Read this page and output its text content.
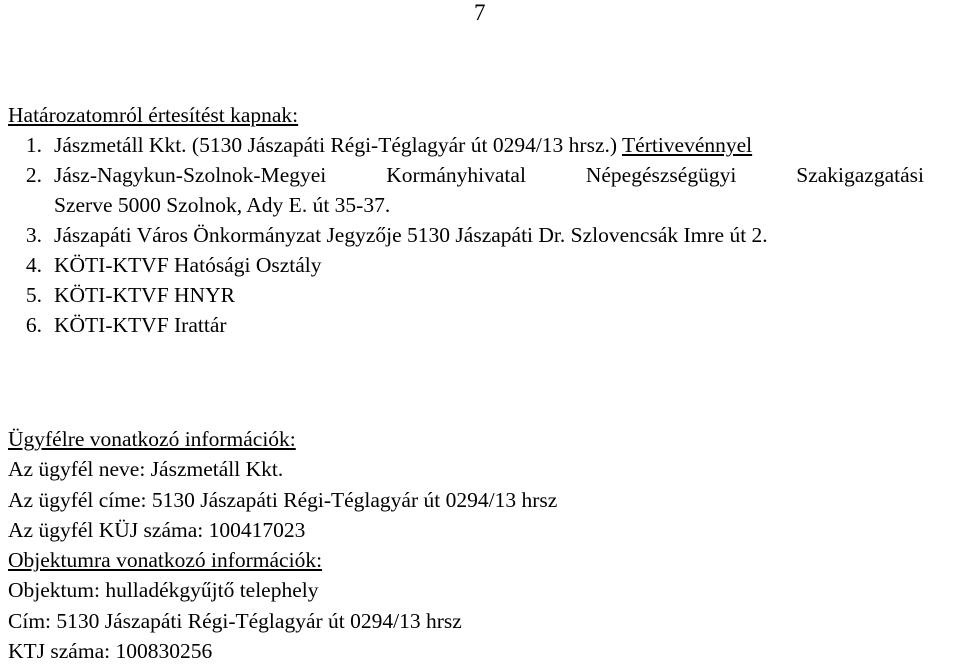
7
Határozatomról értesítést kapnak:
1. Jászmetáll Kkt. (5130 Jászapáti Régi-Téglagyár út 0294/13 hrsz.) Tértivevénnyel
2. Jász-Nagykun-Szolnok-Megyei Kormányhivatal Népegészségügyi Szakigazgatási
Szerve 5000 Szolnok, Ady E. út 35-37.
3. Jászapáti Város Önkormányzat Jegyzője 5130 Jászapáti Dr. Szlovencsák Imre út 2.
4. KÖTI-KTVF Hatósági Osztály
5. KÖTI-KTVF HNYR
6. KÖTI-KTVF Irattár
Ügyfélre vonatkozó információk:
Az ügyfél neve: Jászmetáll Kkt.
Az ügyfél címe: 5130 Jászapáti Régi-Téglagyár út 0294/13 hrsz
Az ügyfél KÜJ száma: 100417023
Objektumra vonatkozó információk:
Objektum: hulladékgyűjtő telephely
Cím: 5130 Jászapáti Régi-Téglagyár út 0294/13 hrsz
KTJ száma: 100830256
